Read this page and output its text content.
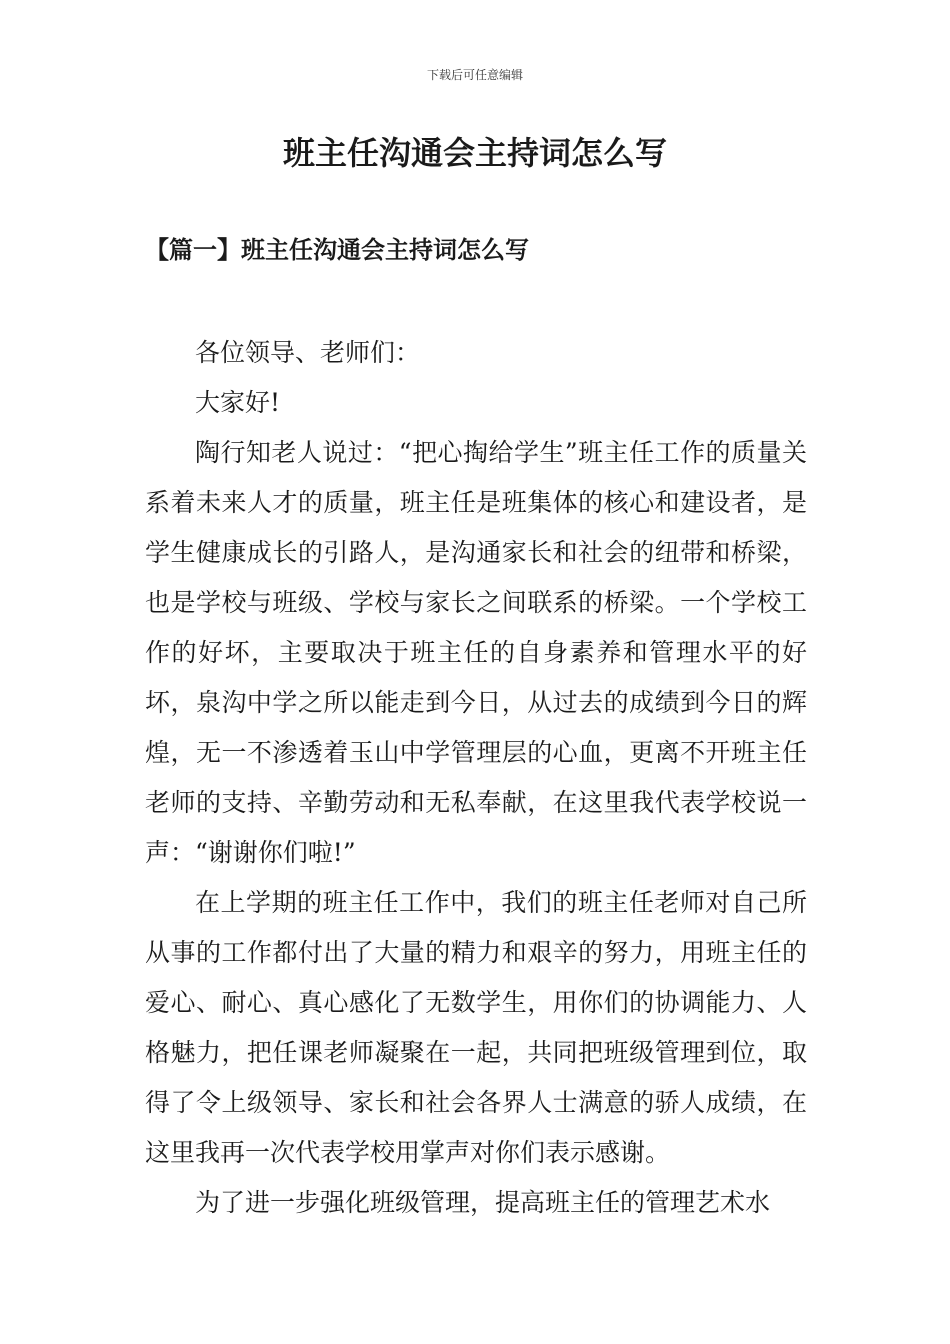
下载后可任意编辑
班主任沟通会主持词怎么写
【篇一】班主任沟通会主持词怎么写

各位领导、老师们：

大家好!

陶行知老人说过：“把心掏给学生”班主任工作的质量关系着未来人才的质量，班主任是班集体的核心和建设者，是学生健康成长的引路人，是沟通家长和社会的纽带和桥梁，也是学校与班级、学校与家长之间联系的桥梁。一个学校工作的好坏，主要取决于班主任的自身素养和管理水平的好坏，泉沟中学之所以能走到今日，从过去的成绩到今日的辉煌，无一不渗透着玉山中学管理层的心血，更离不开班主任老师的支持、辛勤劳动和无私奉献，在这里我代表学校说一声：“谢谢你们啦!”

在上学期的班主任工作中，我们的班主任老师对自己所从事的工作都付出了大量的精力和艰辛的努力，用班主任的爱心、耐心、真心感化了无数学生，用你们的协调能力、人格魅力，把任课老师凝聚在一起，共同把班级管理到位，取得了令上级领导、家长和社会各界人士满意的骄人成绩，在这里我再一次代表学校用掌声对你们表示感谢。

为了进一步强化班级管理，提高班主任的管理艺术水
